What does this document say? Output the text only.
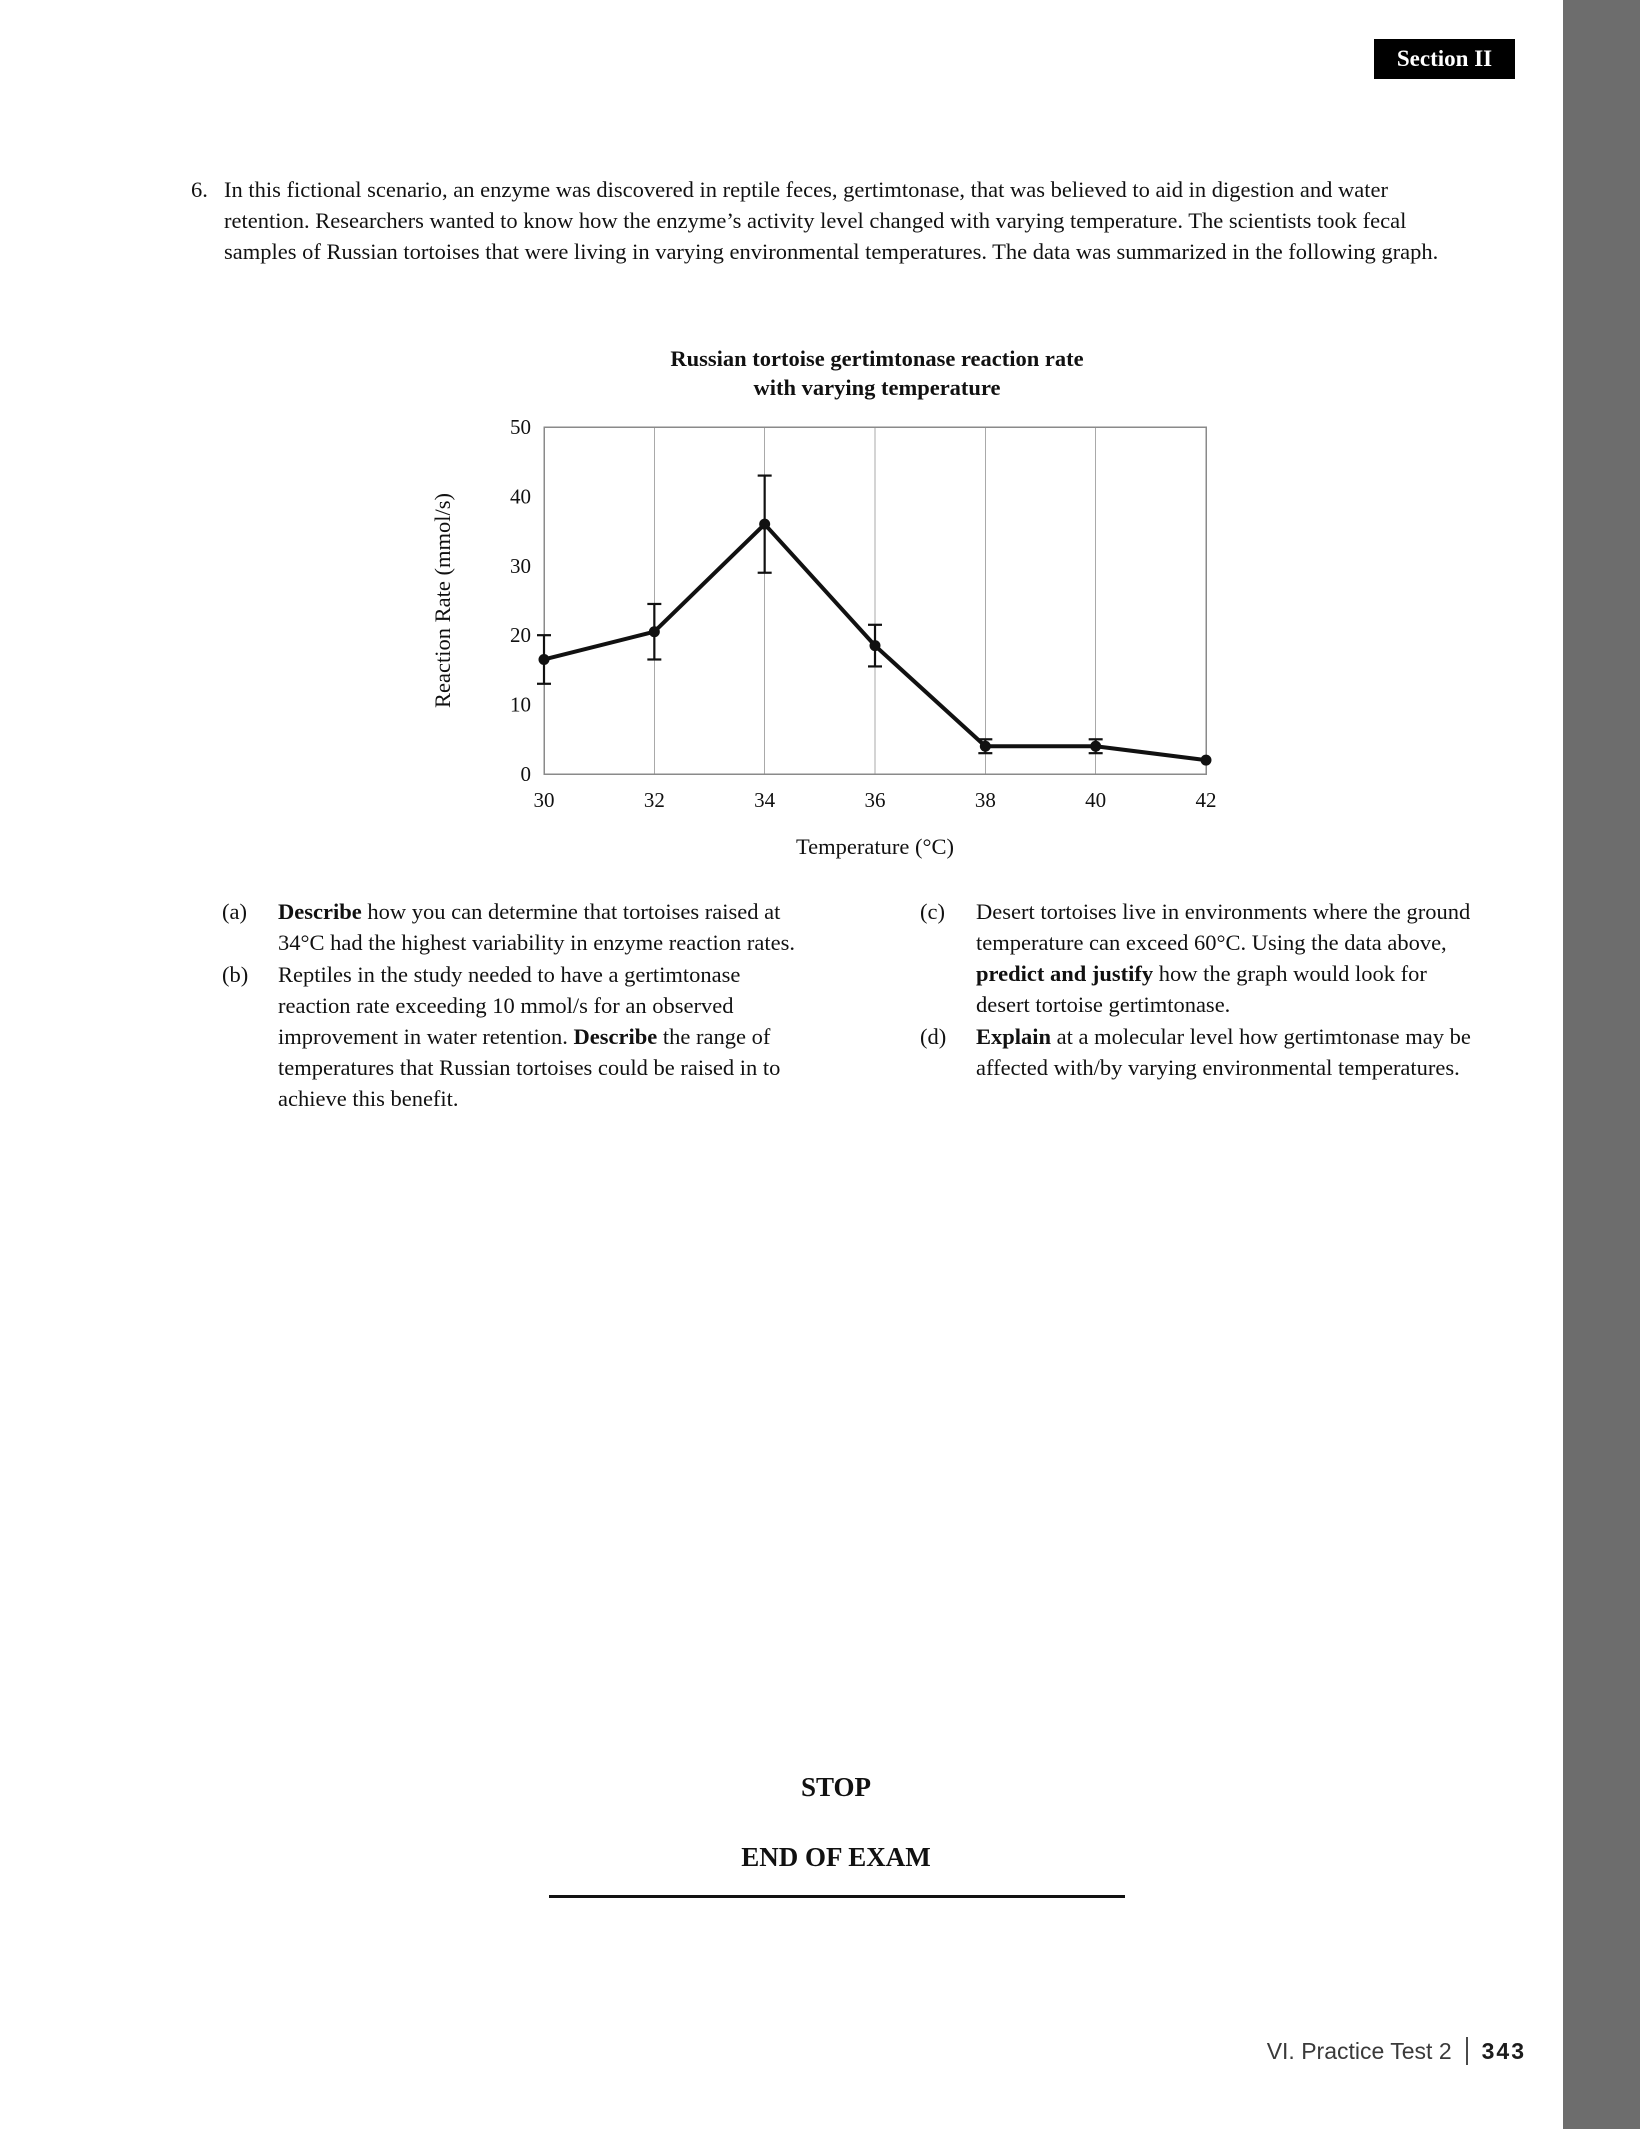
Section II
6. In this fictional scenario, an enzyme was discovered in reptile feces, gertimtonase, that was believed to aid in digestion and water retention. Researchers wanted to know how the enzyme’s activity level changed with varying temperature. The scientists took fecal samples of Russian tortoises that were living in varying environmental temperatures. The data was summarized in the following graph.
Russian tortoise gertimtonase reaction rate
with varying temperature
0
10
20
30
40
50
30	32	34	36	38	40	42
Temperature (°C)
Reaction Rate (mmol/s)
(a) Describe how you can determine that tortoises raised at 34°C had the highest variability in enzyme reaction rates.
(b) Reptiles in the study needed to have a gertimtonase reaction rate exceeding 10 mmol/s for an observed improvement in water retention. Describe the range of temperatures that Russian tortoises could be raised in to achieve this benefit.
(c) Desert tortoises live in environments where the ground temperature can exceed 60°C. Using the data above, predict and justify how the graph would look for desert tortoise gertimtonase.
(d) Explain at a molecular level how gertimtonase may be affected with/by varying environmental temperatures.
STOP
END OF EXAM
VI. Practice Test 2 343
